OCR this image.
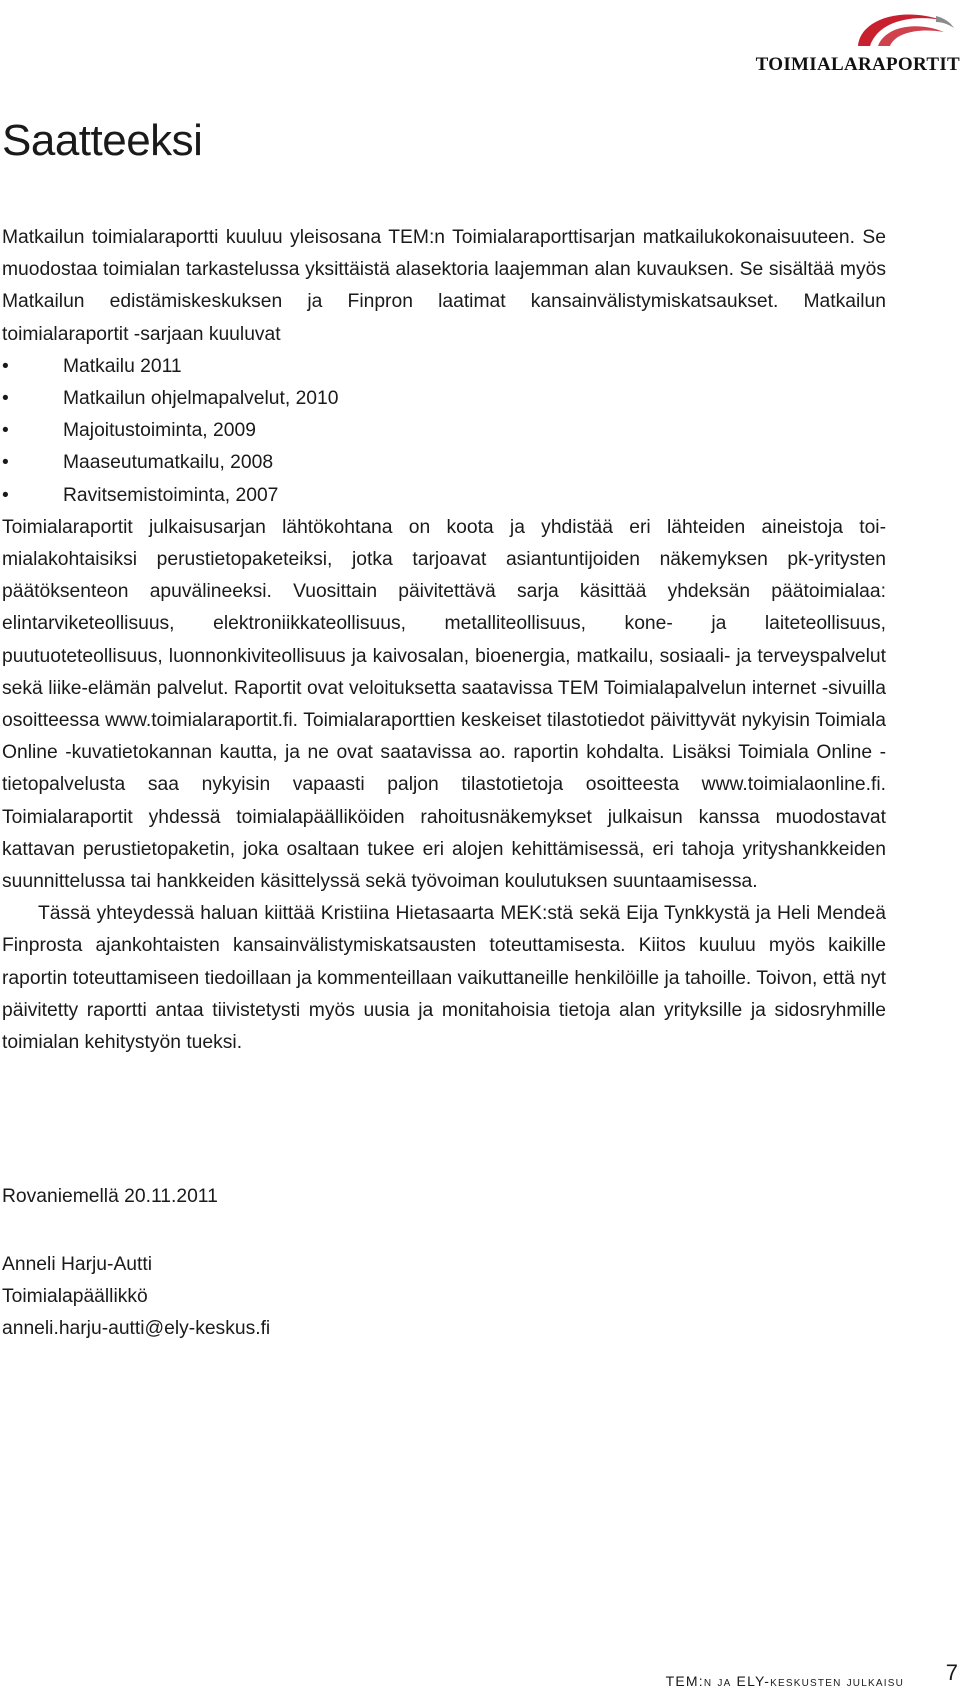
TOIMIALARAPORTIT
Saatteeksi

Matkailun toimialaraportti kuuluu yleisosana TEM:n Toimialaraporttisarjan matkailukokonaisuuteen. Se muodostaa toimialan tarkastelussa yksittäistä alasektoria laajemman alan kuvauksen. Se sisältää myös Matkailun edistämiskeskuksen ja Finpron laatimat kansainvälistymiskatsaukset. Matkailun toimialaraportit -sarjaan kuuluvat

•	Matkailu 2011
•	Matkailun ohjelmapalvelut, 2010
•	Majoitustoiminta, 2009
•	Maaseutumatkailu, 2008
•	Ravitsemistoiminta, 2007

Toimialaraportit julkaisusarjan lähtökohtana on koota ja yhdistää eri lähteiden aineistoja toimialakohtaisiksi perustietopaketeiksi, jotka tarjoavat asiantuntijoiden näkemyksen pk-yritysten päätöksenteon apuvälineeksi. Vuosittain päivitettävä sarja käsittää yhdeksän päätoimialaa: elintarviketeollisuus, elektroniikkateollisuus, metalliteollisuus, kone- ja laiteteollisuus, puutuoteteollisuus, luonnonkiviteollisuus ja kaivosalan, bioenergia, matkailu, sosiaali- ja terveyspalvelut sekä liike-elämän palvelut. Raportit ovat veloituksetta saatavissa TEM Toimialapalvelun internet -sivuilla osoitteessa www.toimialaraportit.fi. Toimialaraporttien keskeiset tilastotiedot päivittyvät nykyisin Toimiala Online -kuvatietokannan kautta, ja ne ovat saatavissa ao. raportin kohdalta. Lisäksi Toimiala Online -tietopalvelusta saa nykyisin vapaasti paljon tilastotietoja osoitteesta www.toimialaonline.fi. Toimialaraportit yhdessä toimialapäälliköiden rahoitusnäkemykset julkaisun kanssa muodostavat kattavan perustietopaketin, joka osaltaan tukee eri alojen kehittämisessä, eri tahoja yrityshankkeiden suunnittelussa tai hankkeiden käsittelyssä sekä työvoiman koulutuksen suuntaamisessa.

Tässä yhteydessä haluan kiittää Kristiina Hietasaarta MEK:stä sekä Eija Tynkkystä ja Heli Mendeä Finprosta ajankohtaisten kansainvälistymiskatsausten toteuttamisesta. Kiitos kuuluu myös kaikille raportin toteuttamiseen tiedoillaan ja kommenteillaan vaikuttaneille henkilöille ja tahoille. Toivon, että nyt päivitetty raportti antaa tiivistetysti myös uusia ja monitahoisia tietoja alan yrityksille ja sidosryhmille toimialan kehitystyön tueksi.

Rovaniemellä 20.11.2011
Anneli Harju-Autti
Toimialapäällikkö
anneli.harju-autti@ely-keskus.fi
TEM:n ja ELY-keskusten julkaisu 7
